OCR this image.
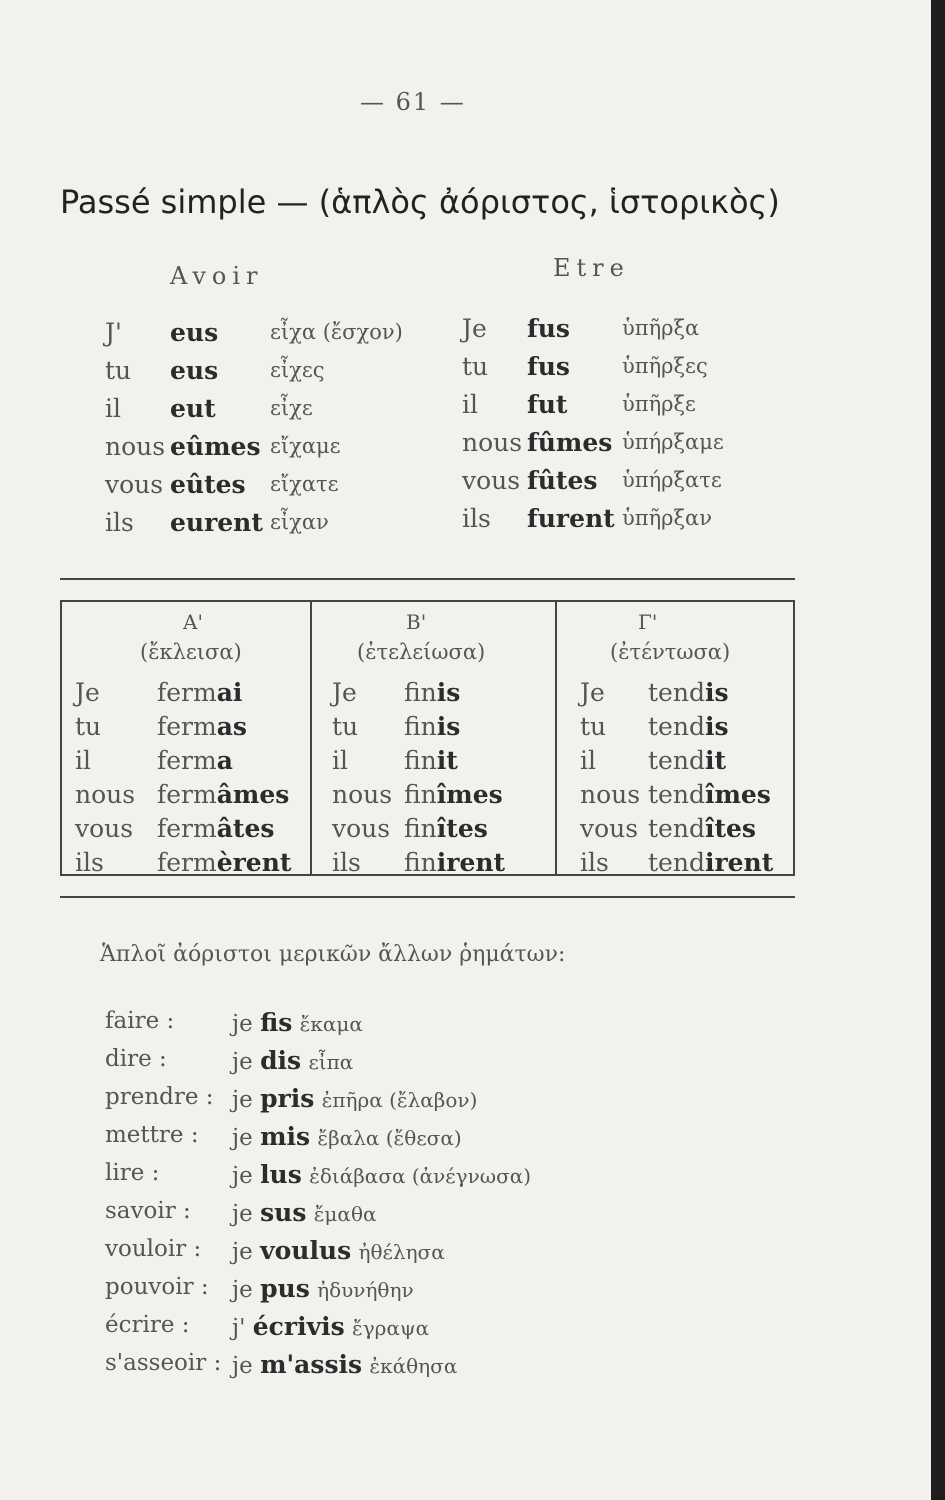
— 61 —
Passé simple — (ἁπλὸς ἀόριστος, ἱστορικὸς)
Avoir
J' eus εἶχα (ἔσχον)
tu eus εἶχες
il eut	εἶχε
nous eûmes εἴχαμε
vous eûtes εἴχατε
ils eurent εἶχαν
Etre
Je fus ὑπῆρξα
tu fus ὑπῆρξες
il fut	ὑπῆρξε
nous fûmes ὑπήρξαμε
vous fûtes ὑπήρξατε
ils furent ὑπῆρξαν
Α'
(ἔκλεισα)
Je fermai
tu fermas
il	ferma
nous fermâmes
vous fermâtes
ils fermèrent
Β'
(ἐτελείωσα)
Je finis
tu finis
il finit
nous finîmes
vous finîtes
ils finirent
Γ'
(ἐτέντωσα)
Je tendis
tu tendis
il tendit
nous tendîmes
vous tendîtes
ils tendirent
Ἁπλοῖ ἀόριστοι μερικῶν ἄλλων ῥημάτων:
faire :	je fis ἔκαμα
dire :	je dis εἶπα
prendre : je pris ἐπῆρα (ἔλαβον)
mettre : je mis ἔβαλα (ἔθεσα)
lire :	je lus ἐδιάβασα (ἀνέγνωσα)
savoir : je sus ἔμαθα
vouloir : je voulus ἠθέλησα
pouvoir : je pus ἠδυνήθην
écrire : j' écrivis ἔγραψα
s'asseoir : je m'assis ἐκάθησα
